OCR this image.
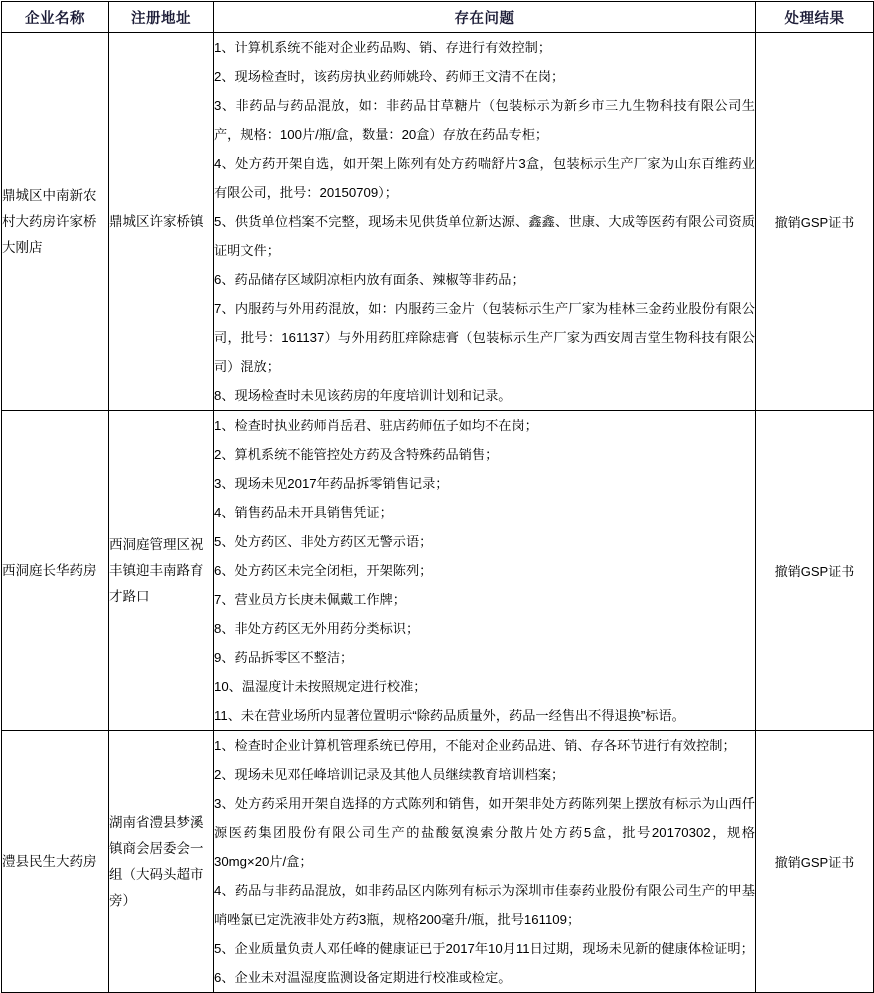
企业名称	注册地址	存在问题	处理结果
鼎城区中南新农村大药房许家桥大刚店	鼎城区许家桥镇	
1、计算机系统不能对企业药品购、销、存进行有效控制；
2、现场检查时，该药房执业药师姚玲、药师王文清不在岗；
3、非药品与药品混放，如：非药品甘草糖片（包装标示为新乡市三九生物科技有限公司生产，规格：100片/瓶/盒，数量：20盒）存放在药品专柜；
4、处方药开架自选，如开架上陈列有处方药喘舒片3盒，包装标示生产厂家为山东百维药业有限公司，批号：20150709）；
5、供货单位档案不完整，现场未见供货单位新达源、鑫鑫、世康、大成等医药有限公司资质证明文件；
6、药品储存区域阴凉柜内放有面条、辣椒等非药品；
7、内服药与外用药混放，如：内服药三金片（包装标示生产厂家为桂林三金药业股份有限公司，批号：161137）与外用药肛痒除痣膏（包装标示生产厂家为西安周吉堂生物科技有限公司）混放；
8、现场检查时未见该药房的年度培训计划和记录。
	撤销GSP证书
西洞庭长华药房	西洞庭管理区祝丰镇迎丰南路育才路口	
1、检查时执业药师肖岳君、驻店药师伍子如均不在岗；
2、算机系统不能管控处方药及含特殊药品销售；
3、现场未见2017年药品拆零销售记录；
4、销售药品未开具销售凭证；
5、处方药区、非处方药区无警示语；
6、处方药区未完全闭柜，开架陈列；
7、营业员方长庚未佩戴工作牌；
8、非处方药区无外用药分类标识；
9、药品拆零区不整洁；
10、温湿度计未按照规定进行校准；
11、未在营业场所内显著位置明示“除药品质量外，药品一经售出不得退换”标语。
	撤销GSP证书
澧县民生大药房	湖南省澧县梦溪镇商会居委会一组（大码头超市旁）	
1、检查时企业计算机管理系统已停用，不能对企业药品进、销、存各环节进行有效控制；
2、现场未见邓任峰培训记录及其他人员继续教育培训档案；
3、处方药采用开架自选择的方式陈列和销售，如开架非处方药陈列架上摆放有标示为山西仟源医药集团股份有限公司生产的盐酸氨溴索分散片处方药5盒，批号20170302，规格30mg×20片/盒；
4、药品与非药品混放，如非药品区内陈列有标示为深圳市佳泰药业股份有限公司生产的甲基哨唑氯已定洗液非处方药3瓶，规格200毫升/瓶，批号161109；
5、企业质量负责人邓任峰的健康证已于2017年10月11日过期，现场未见新的健康体检证明；
6、企业未对温湿度监测设备定期进行校准或检定。
	撤销GSP证书
